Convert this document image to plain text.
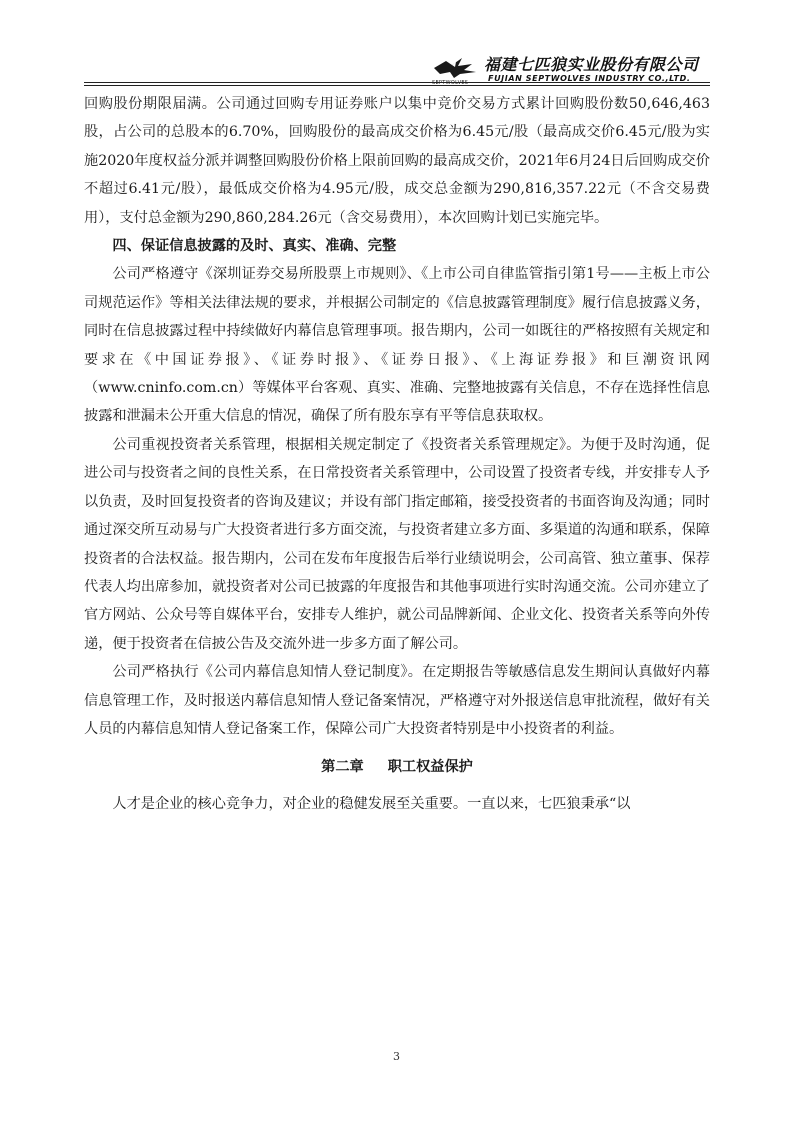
SEPTWOLVES
福建七匹狼实业股份有限公司
FUJIAN SEPTWOLVES INDUSTRY CO.,LTD.

回购股份期限届满。公司通过回购专用证券账户以集中竞价交易方式累计回购股份数50,646,463股，占公司的总股本的6.70%，回购股份的最高成交价格为6.45元/股（最高成交价6.45元/股为实施2020年度权益分派并调整回购股份价格上限前回购的最高成交价，2021年6月24日后回购成交价不超过6.41元/股），最低成交价格为4.95元/股，成交总金额为290,816,357.22元（不含交易费用），支付总金额为290,860,284.26元（含交易费用），本次回购计划已实施完毕。

四、保证信息披露的及时、真实、准确、完整

公司严格遵守《深圳证券交易所股票上市规则》、《上市公司自律监管指引第1号——主板上市公司规范运作》等相关法律法规的要求，并根据公司制定的《信息披露管理制度》履行信息披露义务，同时在信息披露过程中持续做好内幕信息管理事项。报告期内，公司一如既往的严格按照有关规定和要求在《中国证券报》、《证券时报》、《证券日报》、《上海证券报》和巨潮资讯网（www.cninfo.com.cn）等媒体平台客观、真实、准确、完整地披露有关信息，不存在选择性信息披露和泄漏未公开重大信息的情况，确保了所有股东享有平等信息获取权。

公司重视投资者关系管理，根据相关规定制定了《投资者关系管理规定》。为便于及时沟通，促进公司与投资者之间的良性关系，在日常投资者关系管理中，公司设置了投资者专线，并安排专人予以负责，及时回复投资者的咨询及建议；并设有部门指定邮箱，接受投资者的书面咨询及沟通；同时通过深交所互动易与广大投资者进行多方面交流，与投资者建立多方面、多渠道的沟通和联系，保障投资者的合法权益。报告期内，公司在发布年度报告后举行业绩说明会，公司高管、独立董事、保荐代表人均出席参加，就投资者对公司已披露的年度报告和其他事项进行实时沟通交流。公司亦建立了官方网站、公众号等自媒体平台，安排专人维护，就公司品牌新闻、企业文化、投资者关系等向外传递，便于投资者在信披公告及交流外进一步多方面了解公司。

公司严格执行《公司内幕信息知情人登记制度》。在定期报告等敏感信息发生期间认真做好内幕信息管理工作，及时报送内幕信息知情人登记备案情况，严格遵守对外报送信息审批流程，做好有关人员的内幕信息知情人登记备案工作，保障公司广大投资者特别是中小投资者的利益。

第二章 职工权益保护

人才是企业的核心竞争力，对企业的稳健发展至关重要。一直以来，七匹狼秉承“以

3
